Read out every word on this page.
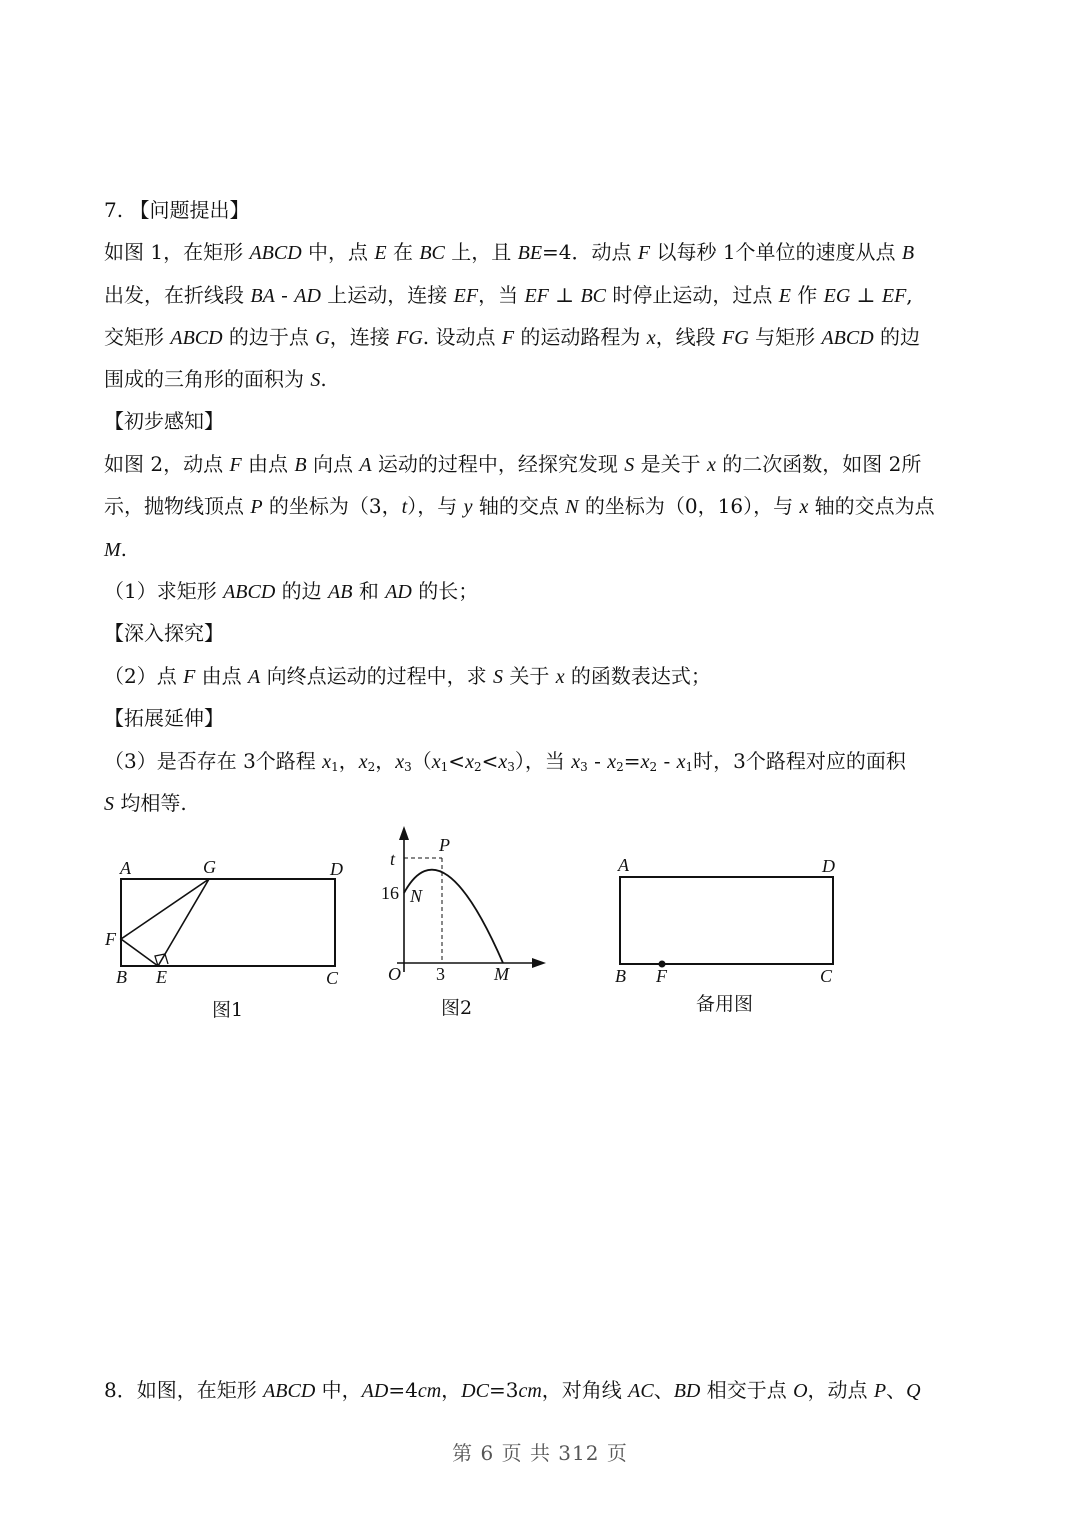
7. 【问题提出】
如图 1，在矩形 ABCD 中，点 E 在 BC 上，且 BE=4．动点 F 以每秒 1个单位的速度从点 B
出发，在折线段 BA - AD 上运动，连接 EF，当 EF ⊥ BC 时停止运动，过点 E 作 EG ⊥ EF,
交矩形 ABCD 的边于点 G，连接 FG. 设动点 F 的运动路程为 x，线段 FG 与矩形 ABCD 的边
围成的三角形的面积为 S.
【初步感知】
如图 2，动点 F 由点 B 向点 A 运动的过程中，经探究发现 S 是关于 x 的二次函数，如图 2所
示，抛物线顶点 P 的坐标为（3，t），与 y 轴的交点 N 的坐标为（0，16），与 x 轴的交点为点
M.
（1）求矩形 ABCD 的边 AB 和 AD 的长；
【深入探究】
（2）点 F 由点 A 向终点运动的过程中，求 S 关于 x 的函数表达式；
【拓展延伸】
（3）是否存在 3个路程 $x_1$，$x_2$，$x_3(x_1<x_2<x_3)$，当 $x_3 - x_2=x_2 - x_1$时，3个路程对应的面积
S 均相等.
A	G	D
F
B E	C
图1
t
P
16 N
O 3	M
图2
A	D
B F	C
备用图
8．如图，在矩形 ABCD 中，AD=4cm，DC=3cm，对角线 AC、BD 相交于点 O，动点 P、Q
第 6 页 共 312 页
